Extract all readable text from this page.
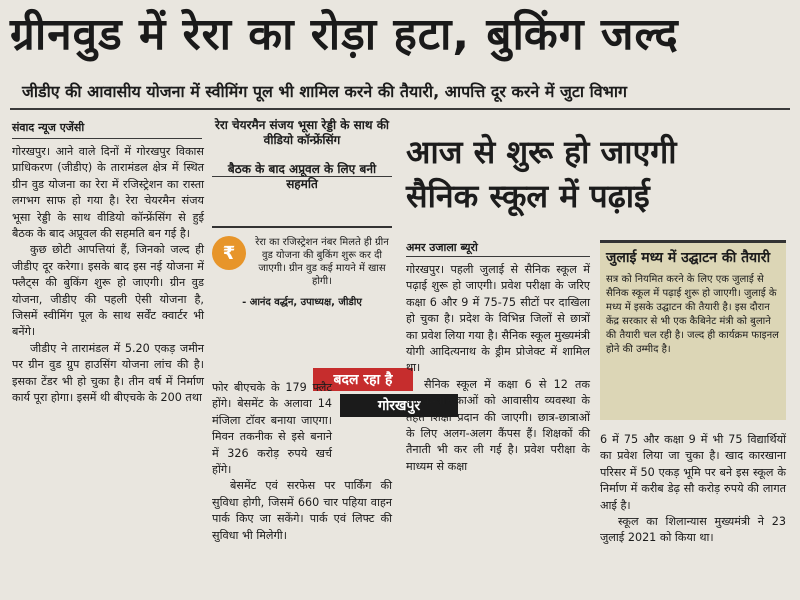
ग्रीनवुड में रेरा का रोड़ा हटा, बुकिंग जल्द
जीडीए की आवासीय योजना में स्वीमिंग पूल भी शामिल करने की तैयारी, आपत्ति दूर करने में जुटा विभाग
संवाद न्यूज एजेंसी

गोरखपुर। आने वाले दिनों में गोरखपुर विकास प्राधिकरण (जीडीए) के तारामंडल क्षेत्र में स्थित ग्रीन वुड योजना का रेरा में रजिस्ट्रेशन का रास्ता लगभग साफ हो गया है। रेरा चेयरमैन संजय भूसा रेड्डी के साथ वीडियो कॉन्फ्रेंसिंग से हुई बैठक के बाद अप्रूवल की सहमति बन गई है।

कुछ छोटी आपत्तियां हैं, जिनको जल्द ही जीडीए दूर करेगा। इसके बाद इस नई योजना में फ्लैट्स की बुकिंग शुरू हो जाएगी। ग्रीन वुड योजना, जीडीए की पहली ऐसी योजना है, जिसमें स्वीमिंग पूल के साथ सर्वेंट क्वार्टर भी बनेंगे।

जीडीए ने तारामंडल में 5.20 एकड़ जमीन पर ग्रीन वुड ग्रुप हाउसिंग योजना लांच की है। इसका टेंडर भी हो चुका है। तीन वर्ष में निर्माण कार्य पूरा होगा। इसमें थी बीएचके के 200 तथा

रेरा चेयरमैन संजय भूसा रेड्डी के साथ की वीडियो कॉन्फ्रेंसिंग
बैठक के बाद अप्रूवल के लिए बनी सहमति
₹	रेरा का रजिस्ट्रेशन नंबर मिलते ही ग्रीन वुड योजना की बुकिंग शुरू कर दी जाएगी। ग्रीन वुड कई मायने में खास होगी।
- आनंद वर्द्धन, उपाध्यक्ष, जीडीए
बदल रहा है
गोरखपुर

फोर बीएचके के 179 फ्लैट होंगे। बेसमेंट के अलावा 14 मंजिला टॉवर बनाया जाएगा। मिवन तकनीक से इसे बनाने में 326 करोड़ रुपये खर्च होंगे।

बेसमेंट एवं सरफेस पर पार्किंग की सुविधा होगी, जिसमें 660 चार पहिया वाहन पार्क किए जा सकेंगे। पार्क एवं लिफ्ट की सुविधा भी मिलेगी।

आज से शुरू हो जाएगी
सैनिक स्कूल में पढ़ाई
अमर उजाला ब्यूरो

गोरखपुर। पहली जुलाई से सैनिक स्कूल में पढ़ाई शुरू हो जाएगी। प्रवेश परीक्षा के जरिए कक्षा 6 और 9 में 75-75 सीटों पर दाखिला हो चुका है। प्रदेश के विभिन्न जिलों से छात्रों का प्रवेश लिया गया है। सैनिक स्कूल मुख्यमंत्री योगी आदित्यनाथ के ड्रीम प्रोजेक्ट में शामिल था।

सैनिक स्कूल में कक्षा 6 से 12 तक बालक-बालिकाओं को आवासीय व्यवस्था के तहत शिक्षा प्रदान की जाएगी। छात्र-छात्राओं के लिए अलग-अलग कैंपस हैं। शिक्षकों की तैनाती भी कर ली गई है। प्रवेश परीक्षा के माध्यम से कक्षा

जुलाई मध्य में उद्घाटन की तैयारी
सत्र को नियमित करने के लिए एक जुलाई से सैनिक स्कूल में पढ़ाई शुरू हो जाएगी। जुलाई के मध्य में इसके उद्घाटन की तैयारी है। इस दौरान केंद्र सरकार से भी एक कैबिनेट मंत्री को बुलाने की तैयारी चल रही है। जल्द ही कार्यक्रम फाइनल होने की उम्मीद है।

6 में 75 और कक्षा 9 में भी 75 विद्यार्थियों का प्रवेश लिया जा चुका है। खाद कारखाना परिसर में 50 एकड़ भूमि पर बने इस स्कूल के निर्माण में करीब डेढ़ सौ करोड़ रुपये की लागत आई है।

स्कूल का शिलान्यास मुख्यमंत्री ने 23 जुलाई 2021 को किया था।
